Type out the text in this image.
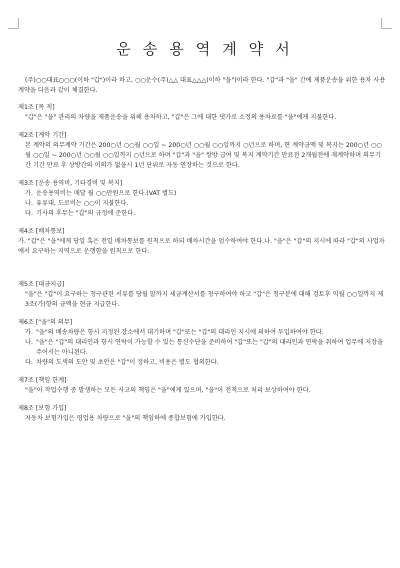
운송용역계약서

(주)○○대표○○○(이하 "갑")이라 하고, ○○운수(주)△△ 대표△△△(이하 "을")이라 한다. "갑"과 "을" 간에 제품운송을 위한 용차 사용계약을 다음과 같이 체결한다.

제1조 [목 적]

"갑"은 "을" 관리의 차량을 제품운송을 위해 용차하고, "갑"은 그에 대한 댓가로 소정의 용차료를 "을"에게 지불한다.

제2조 [계약 기간]

본 계약의 의무계약 기간은 200○년 ○○월 ○○일 ~ 200○년 ○○월 ○○일까지 ○년으로 하며, 현 계약금액 및 복지는 200○년 ○○월 ○○일 ~ 200○년 ○○월 ○○일까지 ○년으로 하며 "갑"과 "을" 쌍방 급여 및 복지 계약기간 만료전 2개월전에 재계약하며 의무기간 기간 만료 후 상방간의 이의가 없을시 1년 단위로 자동 연장하는 것으로 한다.

제3조 [운송 용역비, 기타경비 및 복지]

가. 운송용역비는 매달 월 ○○만원으로 한다.(VAT 별도)
나. 유류대, 도로비는 ○○이 지불한다.
다. 기사의 후무는 "갑"의 규정에 준한다.

제4조 [배차통보]

가. "갑"은 "을"에게 당일 혹은 전일 배차통보를 원칙으로 하되 배차시간을 엄수하여야 한다.나. "을"은 "갑"의 지시에 따라 "갑"의 사업자에서 요구하는 지역으로 운행함을 원칙으로 한다.

제5조 [대금지급]

"을"은 "갑"이 요구하는 청구관련 서류를 당월 말까지 세금계산서를 청구하여야 하고 "갑"은 청구분에 대해 검토후 익월 ○○일까지 제3조(가)항의 금액을 현금 지급한다.

제6조 ["을"의 의무]

가. "을"의 배송차량은 항시 지정된 장소에서 대기하며 "갑"또는 "갑"의 대리인 지시에 의하여 투입하여야 한다.
나. "을"은 "갑"의 대리인과 항시 연락이 가능할 수 있는 통신수단을 준비하여 "갑"또는 "갑"의 대리인과 연락을 취하여 업무에 지장을 주어서는 아니된다.
다. 차량의 도색의 도안 및 초안은 "갑"이 정하고, 비용은 별도 협의한다.

제7조 [책임 한계]

"을"이 작업수행 중 발생하는 모든 사고의 책임은 "을"에게 있으며, "을"이 전적으로 처리 보상하여야 한다.

제8조 [보험 가입]

자동차 보험가입은 영업용 차량으로 "을"의 책임하에 종합보험에 가입한다.
